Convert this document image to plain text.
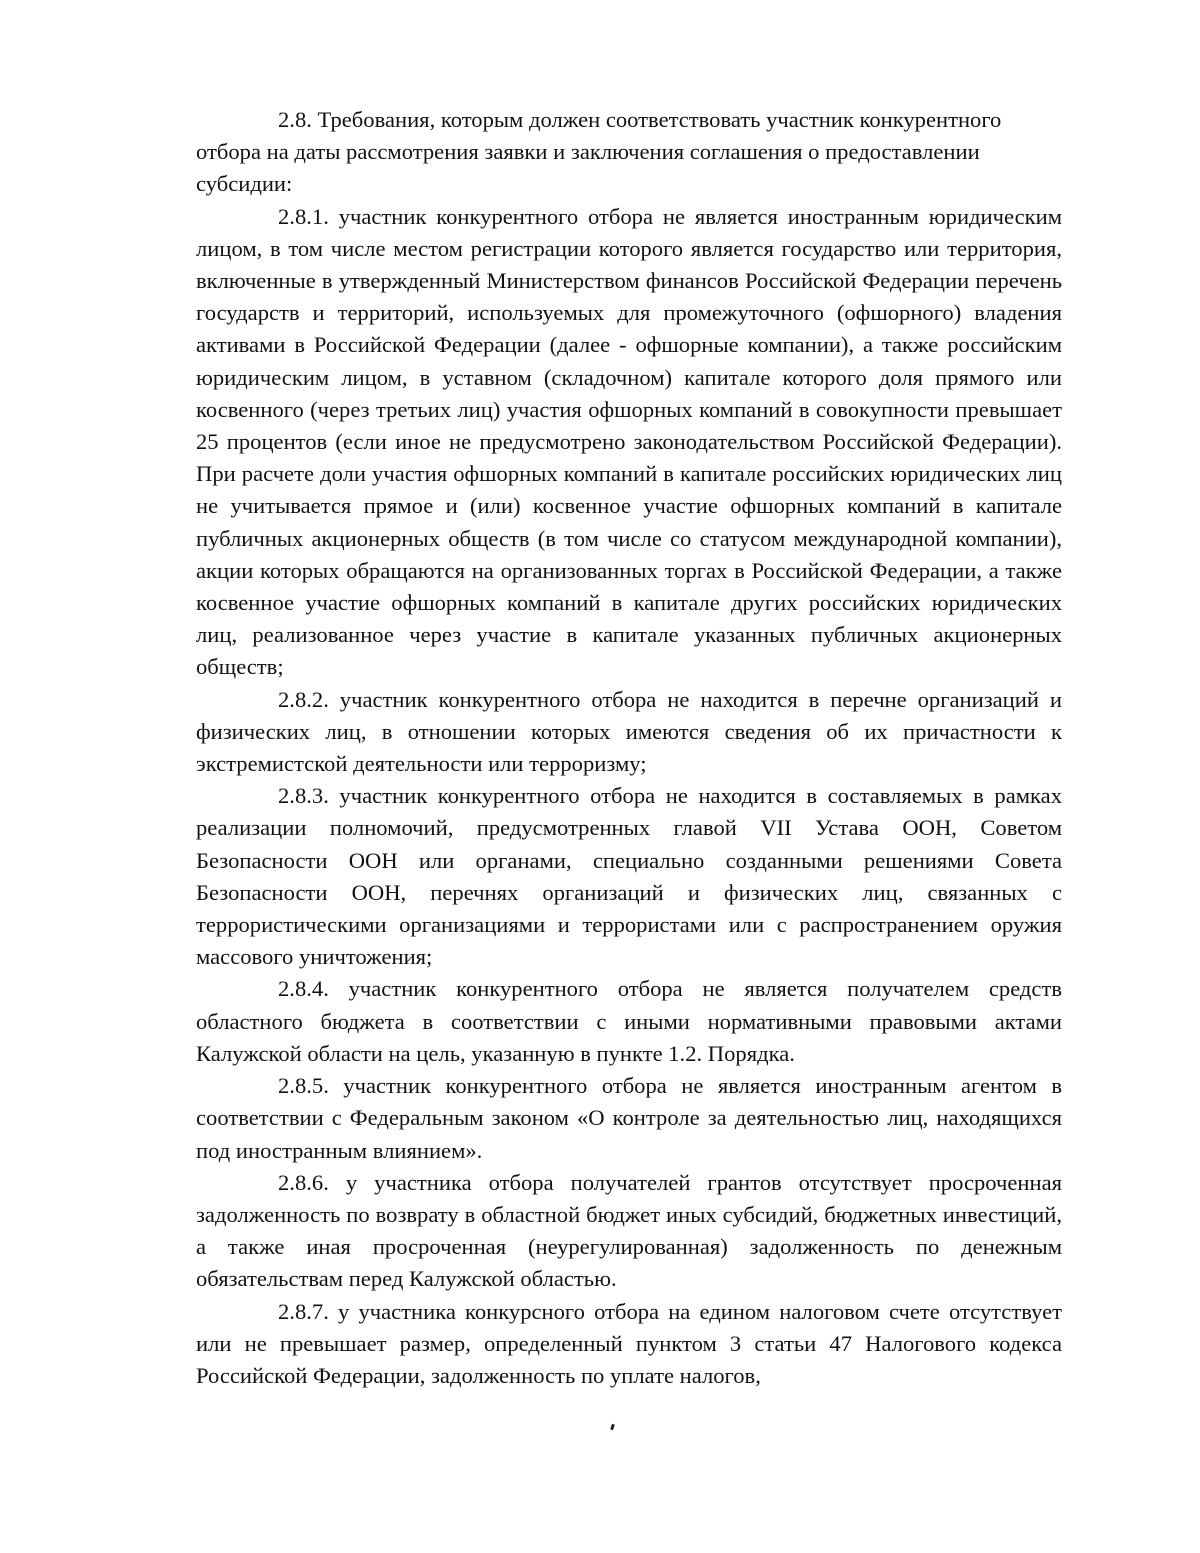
2.8. Требования, которым должен соответствовать участник конкурентного отбора на даты рассмотрения заявки и заключения соглашения о предоставлении субсидии:

2.8.1. участник конкурентного отбора не является иностранным юридическим лицом, в том числе местом регистрации которого является государство или территория, включенные в утвержденный Министерством финансов Российской Федерации перечень государств и территорий, используемых для промежуточного (офшорного) владения активами в Российской Федерации (далее - офшорные компании), а также российским юридическим лицом, в уставном (складочном) капитале которого доля прямого или косвенного (через третьих лиц) участия офшорных компаний в совокупности превышает 25 процентов (если иное не предусмотрено законодательством Российской Федерации). При расчете доли участия офшорных компаний в капитале российских юридических лиц не учитывается прямое и (или) косвенное участие офшорных компаний в капитале публичных акционерных обществ (в том числе со статусом международной компании), акции которых обращаются на организованных торгах в Российской Федерации, а также косвенное участие офшорных компаний в капитале других российских юридических лиц, реализованное через участие в капитале указанных публичных акционерных обществ;

2.8.2. участник конкурентного отбора не находится в перечне организаций и физических лиц, в отношении которых имеются сведения об их причастности к экстремистской деятельности или терроризму;

2.8.3. участник конкурентного отбора не находится в составляемых в рамках реализации полномочий, предусмотренных главой VII Устава ООН, Советом Безопасности ООН или органами, специально созданными решениями Совета Безопасности ООН, перечнях организаций и физических лиц, связанных с террористическими организациями и террористами или с распространением оружия массового уничтожения;

2.8.4. участник конкурентного отбора не является получателем средств областного бюджета в соответствии с иными нормативными правовыми актами Калужской области на цель, указанную в пункте 1.2. Порядка.

2.8.5. участник конкурентного отбора не является иностранным агентом в соответствии с Федеральным законом «О контроле за деятельностью лиц, находящихся под иностранным влиянием».

2.8.6. у участника отбора получателей грантов отсутствует просроченная задолженность по возврату в областной бюджет иных субсидий, бюджетных инвестиций, а также иная просроченная (неурегулированная) задолженность по денежным обязательствам перед Калужской областью.

2.8.7. у участника конкурсного отбора на едином налоговом счете отсутствует или не превышает размер, определенный пунктом 3 статьи 47 Налогового кодекса Российской Федерации, задолженность по уплате налогов,
